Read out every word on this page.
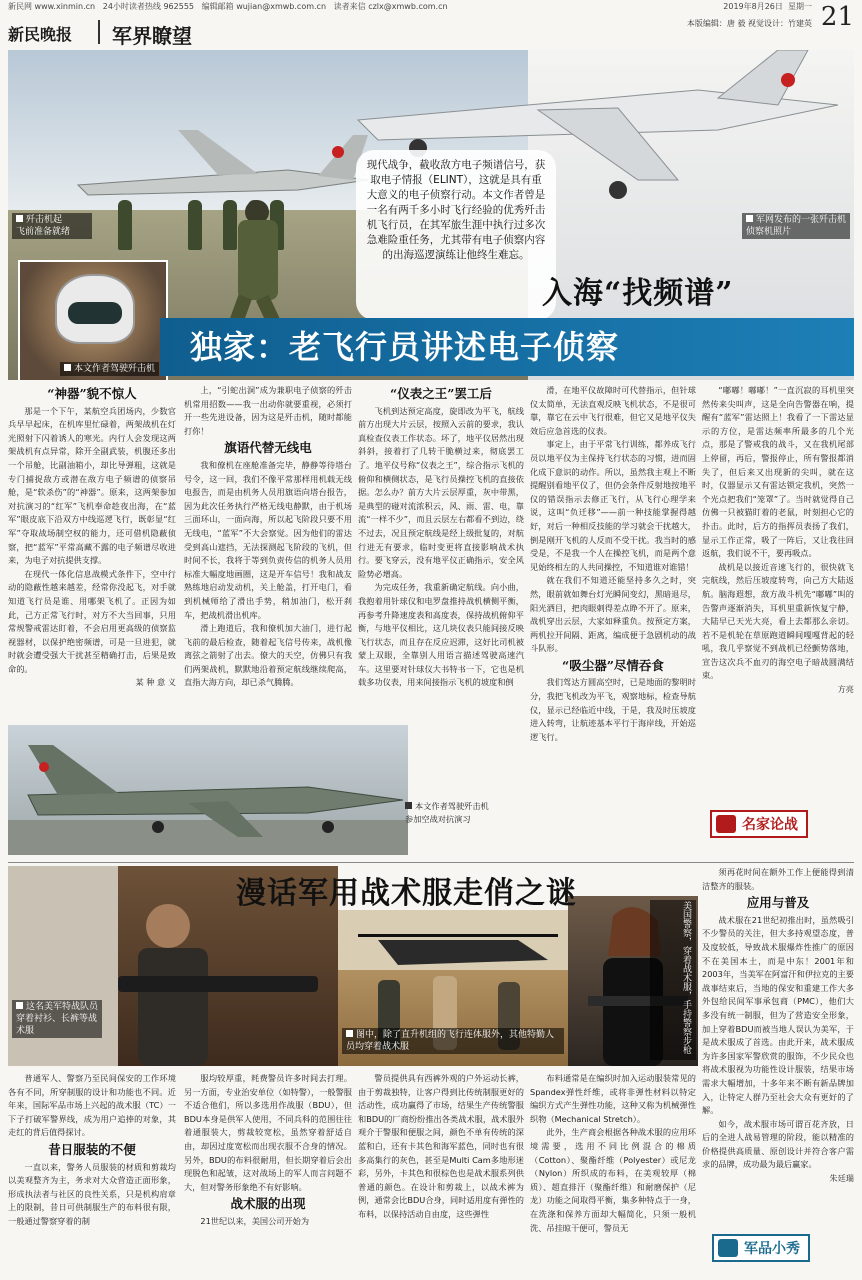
新民网 www.xinmin.cn 24小时读者热线 962555 编辑邮箱 wujian@xmwb.com.cn 读者来信 czlx@xmwb.com.cn	2019年8月26日 星期一 21
新民晚报 军界瞭望
本版编辑：唐 毅 视觉设计：竹建英
歼击机起
飞前准备就绪
本文作者驾驶歼击机
军网发布的一张歼击机侦察机照片
现代战争，截收敌方电子频谱信号，获取电子情报（ELINT），这就是具有重大意义的电子侦察行动。本文作者曾是一名有两千多小时飞行经验的优秀歼击机飞行员，在其军旅生涯中执行过多次急难险重任务，尤其带有电子侦察内容的出海巡逻演练让他终生难忘。
入海“找频谱”
独家：老飞行员讲述电子侦察
“神器”貌不惊人

那是一个下午，某航空兵团场内，少数官兵早早起床，在机库里忙碌着，两架战机在灯光照射下闪着诱人的寒光。内行人会发现这两架战机有点异常，除开全副武装，机腹还多出一个吊舱，比副油箱小，却比导弹粗，这就是专门捕捉敌方或潜在敌方电子频谱的侦察吊舱，是“软杀伤”的“神器”。原来，这两架参加对抗演习的“红军”飞机奉命趁夜出海，在“蓝军”眼皮底下沿双方中线巡逻飞行，既彰显“红军”夺取战场制空权的能力，还可借机隐蔽侦察，把“蓝军”平常高藏不露的电子频谱尽收进来，为电子对抗提供支撑。

在现代一体化信息战模式条件下，空中行动的隐蔽性越来越差，经常你没起飞，对手就知道飞行员是谁、用哪架飞机了。正因为如此，己方正常飞行时，对方不大当回事，只用常规警戒雷达盯着，不会启用更高级的侦察监视器材，以保护绝密频谱，可是一旦进犯，就时就会遭受强大干扰甚至精确打击，后果是致命的。

某 种 意 义

上，“引蛇出洞”成为兼职电子侦察的歼击机常用招数——我一出动你就要重视，必须打开一些先进设备，因为这是歼击机，随时都能打你！

旗语代替无线电

我和僚机在座舱准备完毕，静静等待塔台号令，这一回，我们不像平常那样用机载无线电报告，而是由机务人员用旗语向塔台报告，因为此次任务执行严格无线电静默，由于机场三面环山，一面向海，所以起飞阶段只要不用无线电，“蓝军”不大会察觉。因为他们的雷达受到高山遮挡，无法探测起飞阶段的飞机，但时间不长，我将于等到负责传信的机务人员用标准大幅度地画圈，这是开车信号！我和战友熟练地启动发动机，关上舱盖，打开电门，看到机械师给了滑出手势，稍加油门，松开刹车，把战机滑出机库。

滑上跑道后，我和僚机加大油门，进行起飞前的最后检查，随着起飞信号传来，战机像离弦之箭射了出去。僚大的天空，仿佛只有我们两架战机，默默地沿着预定航线继续爬高，直指大海方向，却已杀气腾腾。

“仪表之王”罢工后

飞机到达预定高度，旋即改为平飞，航线前方出现大片云层，按照入云前的要求，我认真检查仪表工作状态。坏了，地平仪居然出现斜斜，接着打了几转干脆横过来，彻底罢工了。地平仪号称“仪表之王”，综合指示飞机的俯仰和横侧状态，是飞行员操控飞机的直接依据。怎么办？前方大片云层厚重，灰中带黑，是典型的碰对流浓积云，风、雨、雷、电，靠流“一样不少”，而且云层左右都看不到边，绕不过去，况且预定航线是经上级批复的，对航行进无有要求，临时变更将直接影响战术执行。要飞穿云，没有地平仪正确指示，安全风险势必增高。

为完成任务，我重新确定航线。向小曲，我抱着用针球仪和电罗盘推持战机横侧平衡，再参考升降速度表和高度表，保持战机俯仰平衡，与地平仪相比，这几块仪表只能间接反映飞行状态，而且存在反应迟滞，这好比司机被蒙上双眼，全靠别人用语言描述驾驶高速汽车。这里要对针球仪大书特书一下，它也是机载多功仪表，用来间接指示飞机的坡度和倒

滑，在地平仪故障时可代替指示，但针球仪太简单，无法直观反映飞机状态，不是很可靠，靠它在云中飞行很难，但它又是地平仪失效后应急首选的仪表。

事定上，由于平常飞行训练，都养成飞行员以地平仪为主保持飞行状态的习惯，进而固化成下意识的动作。所以，虽然我主观上不断提醒别看地平仪了，但仍会条件反射地按地平仪的错误指示去修正飞行，从飞行心理学来说，这叫“负迁移”——前一种技能掌握得越好，对后一种相反技能的学习就会干扰越大，倒是刚开飞机的人反而不受干扰。我当时的感受是，不是我一个人在操控飞机，而是两个意见始终相左的人共同操控，不知道谁对谁错！

就在我们不知道还能坚持多久之时，突然，眼前就如舞台灯光瞬间变幻，黑暗退尽，阳光洒目，把肉眼刺得差点睁不开了。原来，战机穿出云层，大家如释重负。按预定方案，两机拉开间隔、距离，编成便于急剧机动的战斗队形。

“吸尘器”尽情吞食

我们驾达方圆高空时，已是地面的黎明时分，我把飞机改为平飞，观察地标，检查导航仪，显示已经临近中线，于是，我及时压坡度进入转弯，让航迹基本平行于海岸线，开始巡逻飞行。

“嘟嘟！嘟嘟！”一直沉寂的耳机里突然传来尖叫声，这是全向告警器在响，提醒有“蓝军”雷达照上！我看了一下雷达显示的方位，是雷达频率所最多的几个光点，那是了警戒我的战斗，又在我机尾部上停留，再后，警报停止，所有警报都消失了，但后来又出现新的尖叫，就在这时，仪器显示又有雷达锁定我机，突然一个光点把我们“笼罩”了。当时就觉得自己仿佛一只被猫盯着的老鼠，时刻担心它的扑击。此时，后方的指挥员表扬了我们，显示工作正常，吸了一阵后，又让我往回返航，我们说不干，要再吸点。

战机是以接近音速飞行的，很快就飞完航线，然后压坡度转弯，向己方大陆返航。脑海遐想，敌方战斗机先“嘟嘟”叫的告警声逐渐消失，耳机里重新恢复宁静，大陆早已天光大亮，看上去都那么亲切。若不是机轮在草原跑道瞬间嘎嘎背起的轻吼，我几乎察觉不到战机已经颤势落地，宣告这次兵不血刃的海空电子暗战圆满结束。

方亮
名家论战
本文作者驾驶歼击机参加空战对抗演习
漫话军用战术服走俏之谜
这名美军特战队员穿着衬衫、长裤等战术服	图中，除了直升机组的飞行连体服外，其他特勤人员均穿着战术服	美国警察，穿着战术服，手持警察步枪

普通军人、警察乃至民间保安的工作环境各有不同，所穿制服的设计和功能也不同。近年来，国际军品市场上兴起的战术服（TC）一下子打破军警界线，成为用户追捧的对象，其走红的背后值得探讨。

昔日服装的不便

一直以来，警务人员服装的材质和剪裁均以美观整齐为主，务求对大众营造正面形象，形成执法者与社区的良性关系，只是机构肩章上的限制，昔日可供制服生产的布料很有限，一般通过警察穿着的制

服均较厚重，耗费警员许多时间去打理。另一方面，专业治安单位（如特警），一般警服不适合他们，所以多选用作战服（BDU），但BDU本身是供军人使用，不同兵科的范围往往着通服装大，剪裁较宽松，虽然穿着舒适自由，却因过度宽松而出现衣服不合身的情况。另外，BDU的布料很耐用，但长期穿着后会出现脱色和起皱，这对战场上的军人而言问题不大，但对警务形象绝不有好影响。

战术服的出现

21世纪以来，美国公司开始为

警员提供具有西裤外观的户外运动长裤，由于剪裁独特，让客户得到比传统制服更好的活动性，成功赢得了市场，结果生产传统警服和BDU的厂商纷纷推出各类战术服，战术服外观介于警服和便服之间，颜色不单有传统的深蓝和白，还有卡其色和海军蓝色，同时也有很多高集行的灰色，甚至是Multi Cam多地形迷彩，另外，卡其色和很棕色也是战术服系列供普通的颜色。在设计和剪裁上，以战术裤为例，通常会比BDU合身，同时适用度有弹性的布料，以保持活动自由度，这些弹性

布料通常是在编织时加入运动服装常见的Spandex弹性纤维，或将非弹性材料以特定编织方式产生弹性功能，这种又称为机械弹性织物（Mechanical Stretch）。

此外，生产商会根据各种战术服的应用环境需要，选用不同比例混合的棉质（Cotton）、聚酯纤维（Polyester）或尼龙（Nylon）所织成的布料，在美观较厚（棉质）、超直排汗（聚酯纤维）和耐磨保护（尼龙）功能之间取得平衡，集多种特点于一身，在洗涤和保养方面却大幅简化，只须一般机洗、吊挂晾干便可，警员无

须再花时间在额外工作上便能得到清洁整齐的服装。

应用与普及

战术服在21世纪初推出时，虽然吸引不少警员的关注，但大多持观望态度，普及度较低，导致战术服爆炸性推广的原因不在美国本土，而是中东！2001年和2003年，当美军在阿富汗和伊拉克的主要战事结束后，当地的保安和重建工作大多外包给民间军事承包商（PMC），他们大多没有统一制服，但为了营造安全形象，加上穿着BDU而被当地人误认为美军，于是战术服成了首选。由此开来，战术服成为许多国家军警欣赏的服饰，不少民众也将战术服视为功能性设计服装，结果市场需求大幅增加，十多年来不断有新品牌加入，让特定人群乃至社会大众有更好的了解。

如今，战术服市场可谓百花齐放，日后的全进人战易管理的阶段，能以精准的价格提供高质量、原创设计并符合客户需求的品牌，成功最为最后赢家。

朱廷瑞
军品小秀
